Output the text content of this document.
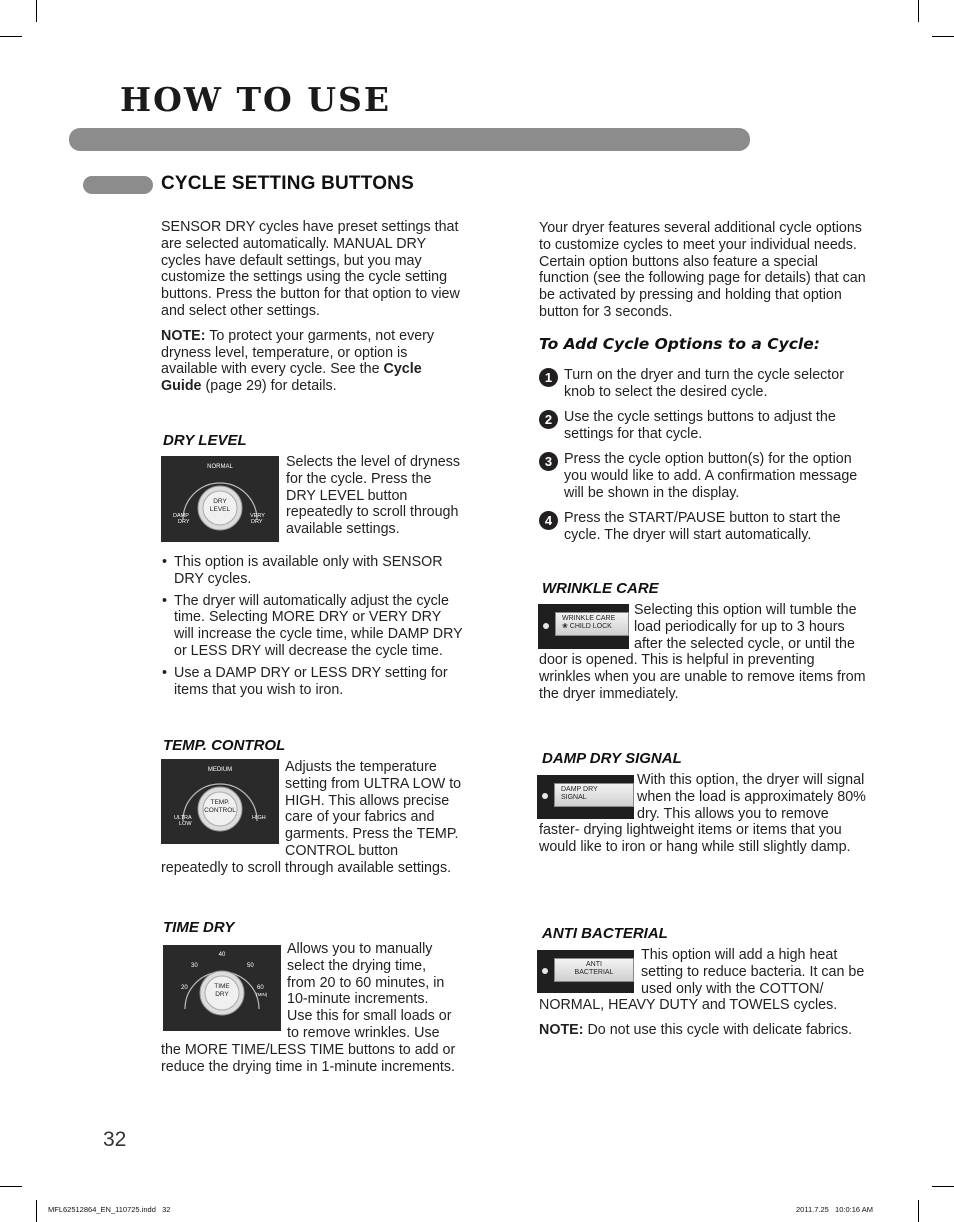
HOW TO USE
CYCLE SETTING BUTTONS

SENSOR DRY cycles have preset settings that are selected automatically. MANUAL DRY cycles have default settings, but you may customize the settings using the cycle setting buttons. Press the button for that option to view and select other settings.

NOTE: To protect your garments, not every dryness level, temperature, or option is available with every cycle. See the Cycle Guide (page 29) for details.

DRY LEVEL
NORMAL
DRY
LEVEL
DAMP
DRY
VERY
DRY
Selects the level of dryness for the cycle. Press the DRY LEVEL button repeatedly to scroll through available settings.
• This option is available only with SENSOR DRY cycles.
• The dryer will automatically adjust the cycle time. Selecting MORE DRY or VERY DRY will increase the cycle time, while DAMP DRY or LESS DRY will decrease the cycle time.
• Use a DAMP DRY or LESS DRY setting for items that you wish to iron.
TEMP. CONTROL
MEDIUM
TEMP.
CONTROL
ULTRA
LOW
HIGH
Adjusts the temperature setting from ULTRA LOW to HIGH. This allows precise care of your fabrics and garments. Press the TEMP. CONTROL button repeatedly to scroll through available settings.
TIME DRY
40
30	50
20	60
(MIN)
TIME
DRY
Allows you to manually select the drying time, from 20 to 60 minutes, in 10-minute increments. Use this for small loads or to remove wrinkles. Use the MORE TIME/LESS TIME buttons to add or reduce the drying time in 1-minute increments.
Your dryer features several additional cycle options to customize cycles to meet your individual needs. Certain option buttons also feature a special function (see the following page for details) that can be activated by pressing and holding that option button for 3 seconds.
To Add Cycle Options to a Cycle:
1 Turn on the dryer and turn the cycle selector knob to select the desired cycle.
2 Use the cycle settings buttons to adjust the settings for that cycle.
3 Press the cycle option button(s) for the option you would like to add. A confirmation message will be shown in the display.
4 Press the START/PAUSE button to start the cycle. The dryer will start automatically.
WRINKLE CARE
WRINKLE CARE
❀ CHILD LOCK
Selecting this option will tumble the load periodically for up to 3 hours after the selected cycle, or until the door is opened. This is helpful in preventing wrinkles when you are unable to remove items from the dryer immediately.
DAMP DRY SIGNAL
DAMP DRY
SIGNAL
With this option, the dryer will signal when the load is approximately 80% dry. This allows you to remove faster- drying lightweight items or items that you would like to iron or hang while still slightly damp.
ANTI BACTERIAL
ANTI
BACTERIAL
This option will add a high heat setting to reduce bacteria. It can be used only with the COTTON/ NORMAL, HEAVY DUTY and TOWELS cycles.

NOTE: Do not use this cycle with delicate fabrics.

32
MFL62512864_EN_110725.indd   32	2011.7.25   10:0:16 AM
